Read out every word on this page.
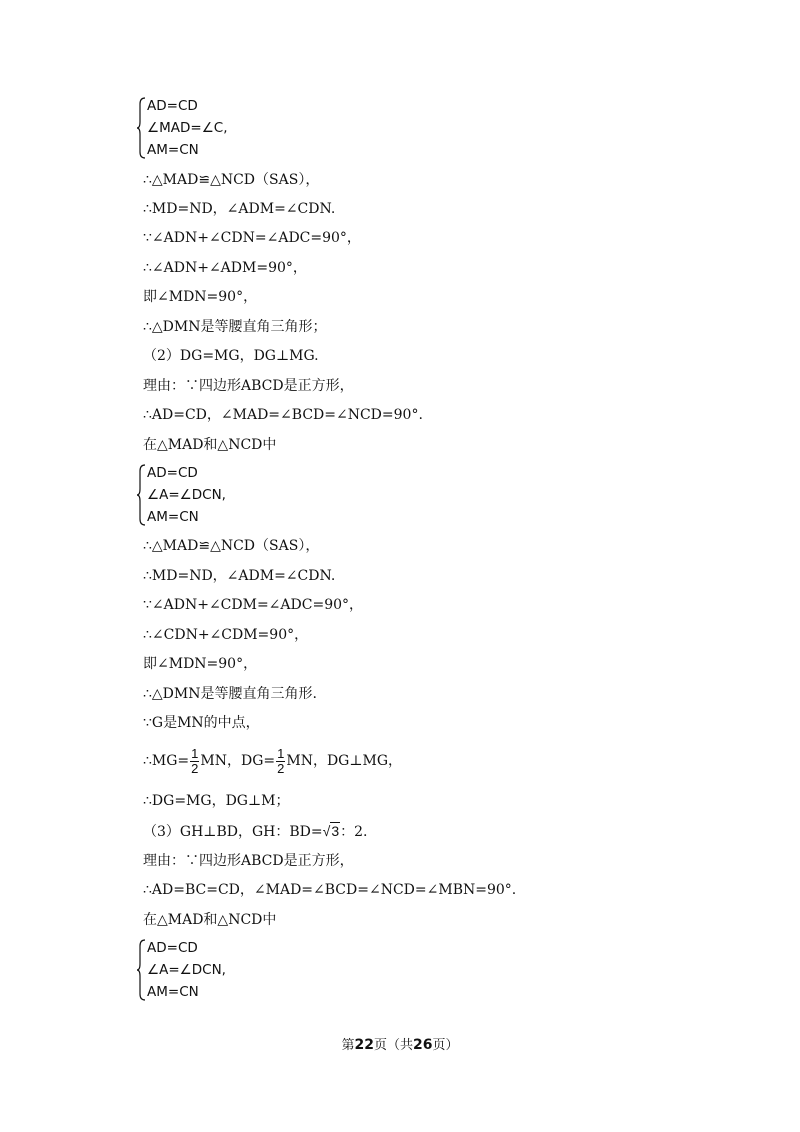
AD=CD
∠MAD=∠C,
AM=CN
∴△MAD≌△NCD（SAS），
∴MD=ND，∠ADM=∠CDN.
∵∠ADN+∠CDN=∠ADC=90°，
∴∠ADN+∠ADM=90°，
即∠MDN=90°，
∴△DMN是等腰直角三角形；
（2）DG=MG，DG⊥MG.
理由：∵四边形ABCD是正方形，
∴AD=CD，∠MAD=∠BCD=∠NCD=90°.
在△MAD和△NCD中
AD=CD
∠A=∠DCN,
AM=CN
∴△MAD≌△NCD（SAS），
∴MD=ND，∠ADM=∠CDN.
∵∠ADN+∠CDM=∠ADC=90°，
∴∠CDN+∠CDM=90°，
即∠MDN=90°，
∴△DMN是等腰直角三角形.
∵G是MN的中点，
∴MG= $\frac{1}{2}$ MN，$DG= \frac{1}{2}$ MN，DG⊥MG，
∴DG=MG，DG⊥M；
（3）GH⊥BD，GH：BD=√3：2.
理由：∵四边形ABCD是正方形，
∴AD=BC=CD，∠MAD=∠BCD=∠NCD=∠MBN=90°.
在△MAD和△NCD中
AD=CD
∠A=∠DCN,
AM=CN
第22页（共26页）
